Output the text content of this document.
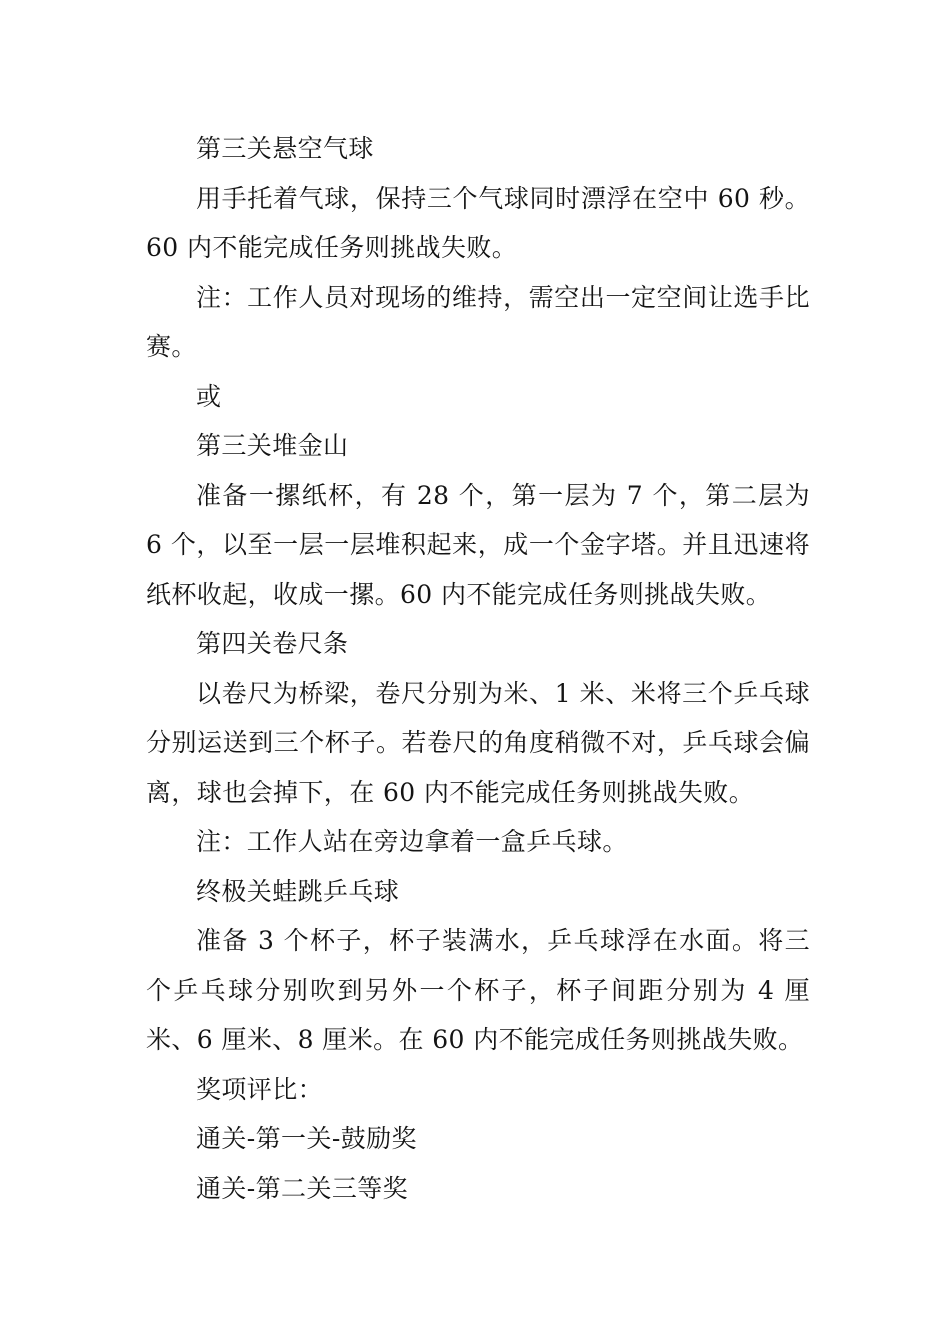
第三关悬空气球

用手托着气球，保持三个气球同时漂浮在空中 60 秒。60 内不能完成任务则挑战失败。

注：工作人员对现场的维持，需空出一定空间让选手比赛。

或

第三关堆金山

准备一摞纸杯，有 28 个，第一层为 7 个，第二层为 6 个，以至一层一层堆积起来，成一个金字塔。并且迅速将纸杯收起，收成一摞。60 内不能完成任务则挑战失败。

第四关卷尺条

以卷尺为桥梁，卷尺分别为米、1 米、米将三个乒乓球分别运送到三个杯子。若卷尺的角度稍微不对，乒乓球会偏离，球也会掉下，在 60 内不能完成任务则挑战失败。

注：工作人站在旁边拿着一盒乒乓球。

终极关蛙跳乒乓球

准备 3 个杯子，杯子装满水，乒乓球浮在水面。将三个乒乓球分别吹到另外一个杯子，杯子间距分别为 4 厘米、6 厘米、8 厘米。在 60 内不能完成任务则挑战失败。

奖项评比：

通关-第一关-鼓励奖

通关-第二关三等奖
